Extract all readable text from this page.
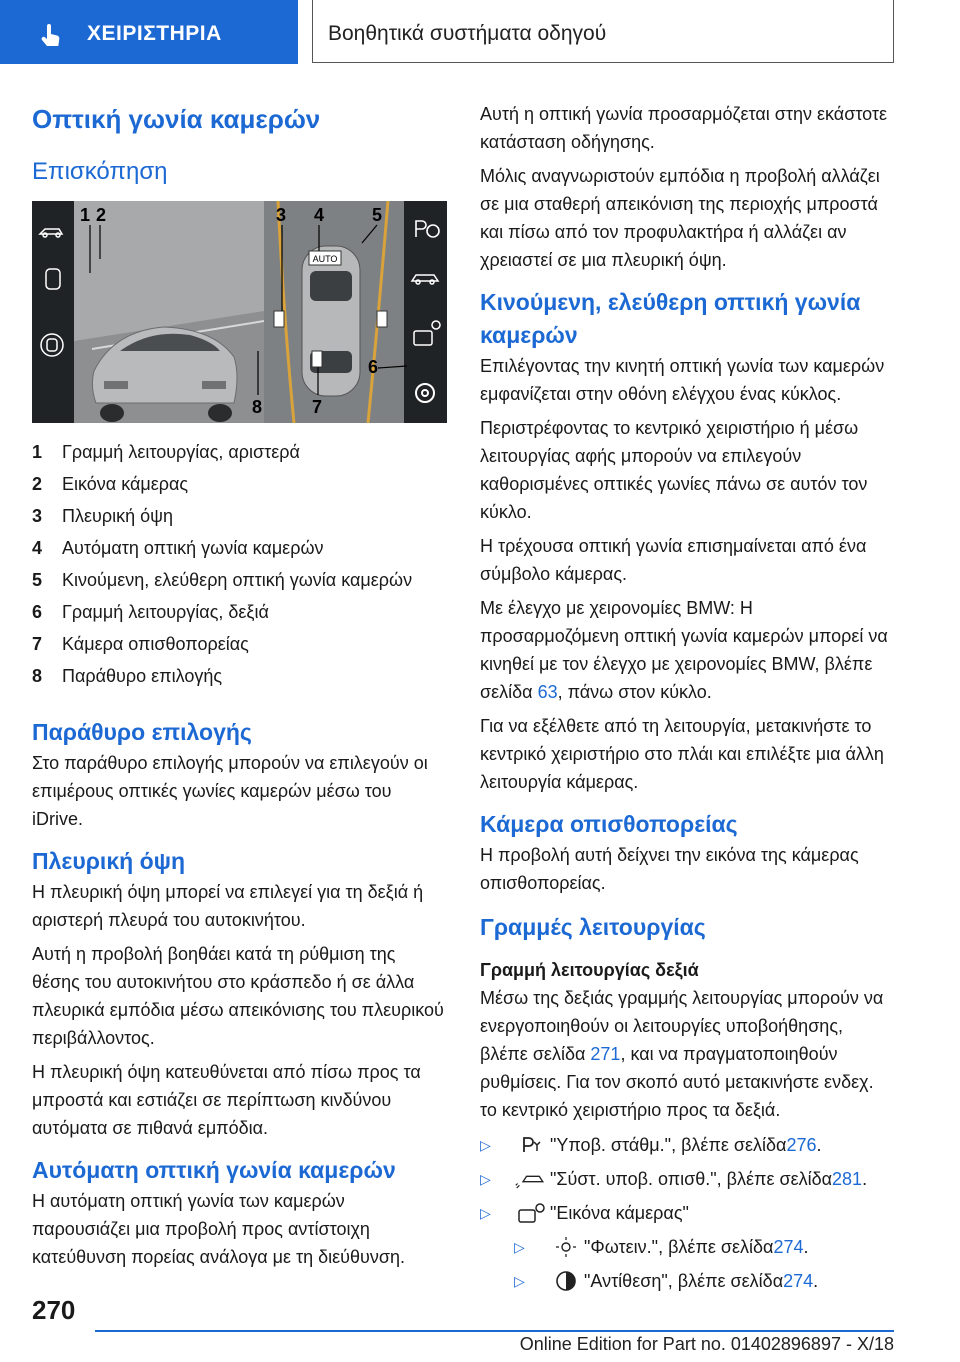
ΧΕΙΡΙΣΤΗΡΙΑ	Βοηθητικά συστήματα οδηγού
Οπτική γωνία καμερών
Επισκόπηση
AUTO
1 2	3 4	5
6
7
8
1	Γραμμή λειτουργίας, αριστερά
2	Εικόνα κάμερας
3	Πλευρική όψη
4	Αυτόματη οπτική γωνία καμερών
5	Κινούμενη, ελεύθερη οπτική γωνία καμερών
6	Γραμμή λειτουργίας, δεξιά
7	Κάμερα οπισθοπορείας
8	Παράθυρο επιλογής
Παράθυρο επιλογής

Στο παράθυρο επιλογής μπορούν να επιλεγούν οι επιμέρους οπτικές γωνίες καμερών μέσω του iDrive.

Πλευρική όψη

Η πλευρική όψη μπορεί να επιλεγεί για τη δεξιά ή αριστερή πλευρά του αυτοκινήτου.

Αυτή η προβολή βοηθάει κατά τη ρύθμιση της θέσης του αυτοκινήτου στο κράσπεδο ή σε άλλα πλευρικά εμπόδια μέσω απεικόνισης του πλευρικού περιβάλλοντος.

Η πλευρική όψη κατευθύνεται από πίσω προς τα μπροστά και εστιάζει σε περίπτωση κινδύνου αυτόματα σε πιθανά εμπόδια.

Αυτόματη οπτική γωνία καμερών

Η αυτόματη οπτική γωνία των καμερών παρουσιάζει μια προβολή προς αντίστοιχη κατεύθυνση πορείας ανάλογα με τη διεύθυνση.

Αυτή η οπτική γωνία προσαρμόζεται στην εκάστοτε κατάσταση οδήγησης.

Μόλις αναγνωριστούν εμπόδια η προβολή αλλάζει σε μια σταθερή απεικόνιση της περιοχής μπροστά και πίσω από τον προφυλακτήρα ή αλλάζει αν χρειαστεί σε μια πλευρική όψη.

Κινούμενη, ελεύθερη οπτική γωνία καμερών

Επιλέγοντας την κινητή οπτική γωνία των καμερών εμφανίζεται στην οθόνη ελέγχου ένας κύκλος.

Περιστρέφοντας το κεντρικό χειριστήριο ή μέσω λειτουργίας αφής μπορούν να επιλεγούν καθορισμένες οπτικές γωνίες πάνω σε αυτόν τον κύκλο.

Η τρέχουσα οπτική γωνία επισημαίνεται από ένα σύμβολο κάμερας.

Με έλεγχο με χειρονομίες BMW: Η προσαρμοζόμενη οπτική γωνία καμερών μπορεί να κινηθεί με τον έλεγχο με χειρονομίες BMW, βλέπε σελίδα 63, πάνω στον κύκλο.

Για να εξέλθετε από τη λειτουργία, μετακινήστε το κεντρικό χειριστήριο στο πλάι και επιλέξτε μια άλλη λειτουργία κάμερας.

Κάμερα οπισθοπορείας

Η προβολή αυτή δείχνει την εικόνα της κάμερας οπισθοπορείας.

Γραμμές λειτουργίας
Γραμμή λειτουργίας δεξιά

Μέσω της δεξιάς γραμμής λειτουργίας μπορούν να ενεργοποιηθούν οι λειτουργίες υποβοήθησης, βλέπε σελίδα 271, και να πραγματοποιηθούν ρυθμίσεις. Για τον σκοπό αυτό μετακινήστε ενδεχ. το κεντρικό χειριστήριο προς τα δεξιά.

▷	"Υποβ. στάθμ.", βλέπε σελίδα 276 .
▷	"Σύστ. υποβ. οπισθ.", βλέπε σελίδα 281 .
▷	"Εικόνα κάμερας"
▷	"Φωτειν.", βλέπε σελίδα 274 .
▷	"Αντίθεση", βλέπε σελίδα 274 .
270
Online Edition for Part no. 01402896897 - X/18
